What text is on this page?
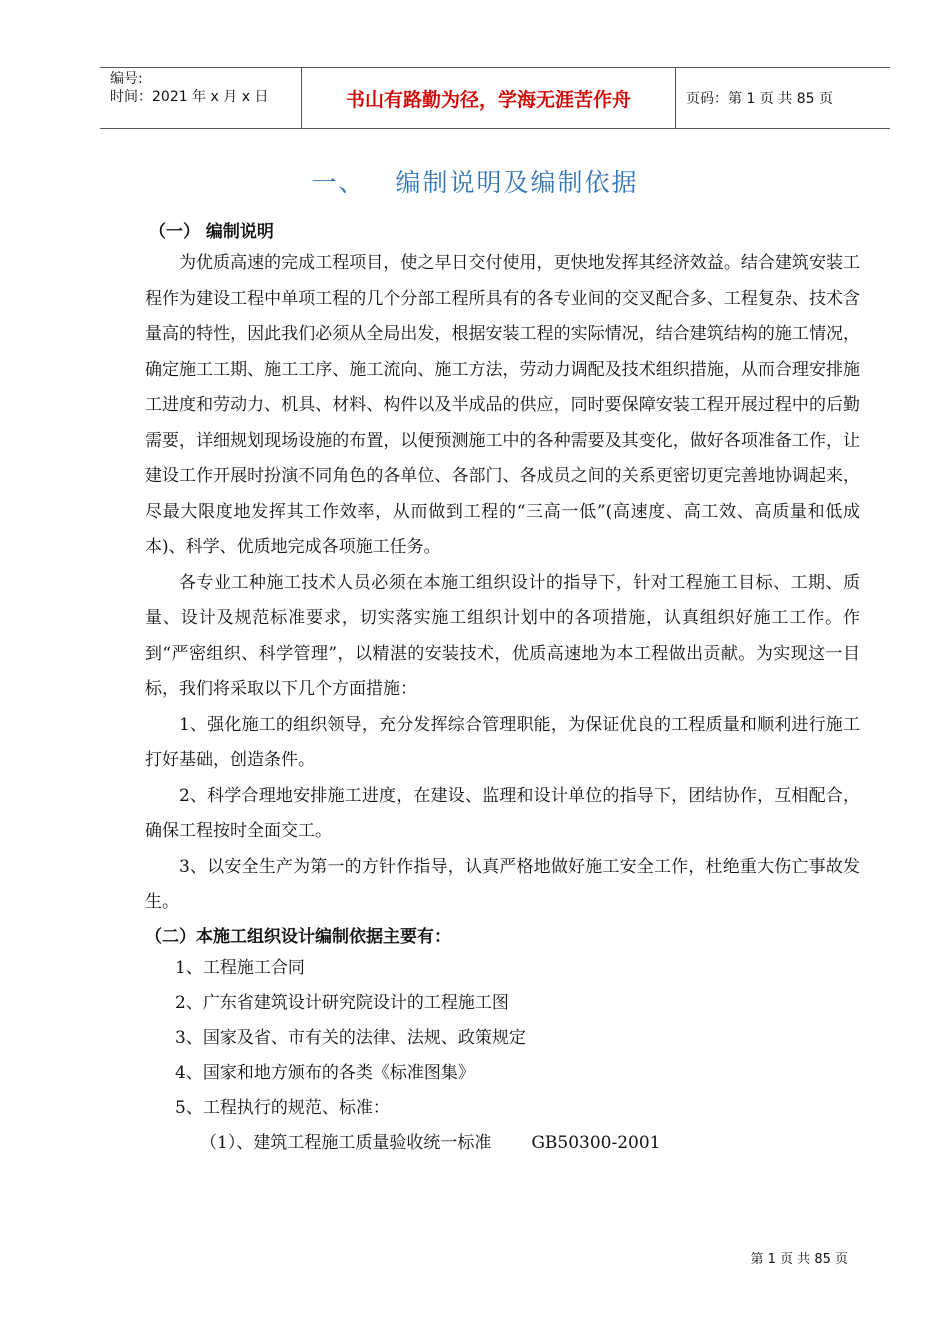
编号:
时间：2021 年 x 月 x 日	书山有路勤为径，学海无涯苦作舟	页码：第 1 页 共 85 页
一、 编制说明及编制依据

（一） 编制说明

为优质高速的完成工程项目，使之早日交付使用，更快地发挥其经济效益。结合建筑安装工程作为建设工程中单项工程的几个分部工程所具有的各专业间的交叉配合多、工程复杂、技术含量高的特性，因此我们必须从全局出发，根据安装工程的实际情况，结合建筑结构的施工情况，确定施工工期、施工工序、施工流向、施工方法，劳动力调配及技术组织措施，从而合理安排施工进度和劳动力、机具、材料、构件以及半成品的供应，同时要保障安装工程开展过程中的后勤需要，详细规划现场设施的布置，以便预测施工中的各种需要及其变化，做好各项准备工作，让建设工作开展时扮演不同角色的各单位、各部门、各成员之间的关系更密切更完善地协调起来，尽最大限度地发挥其工作效率，从而做到工程的“三高一低”(高速度、高工效、高质量和低成本)、科学、优质地完成各项施工任务。

各专业工种施工技术人员必须在本施工组织设计的指导下，针对工程施工目标、工期、质量、设计及规范标准要求，切实落实施工组织计划中的各项措施，认真组织好施工工作。作到“严密组织、科学管理”，以精湛的安装技术，优质高速地为本工程做出贡献。为实现这一目标，我们将采取以下几个方面措施：

1、强化施工的组织领导，充分发挥综合管理职能，为保证优良的工程质量和顺利进行施工打好基础，创造条件。

2、科学合理地安排施工进度，在建设、监理和设计单位的指导下，团结协作，互相配合，确保工程按时全面交工。

3、以安全生产为第一的方针作指导，认真严格地做好施工安全工作，杜绝重大伤亡事故发生。

（二）本施工组织设计编制依据主要有：

1、工程施工合同

2、广东省建筑设计研究院设计的工程施工图

3、国家及省、市有关的法律、法规、政策规定

4、国家和地方颁布的各类《标准图集》

5、工程执行的规范、标准：

（1）、建筑工程施工质量验收统一标准 GB50300-2001

第 1 页 共 85 页
